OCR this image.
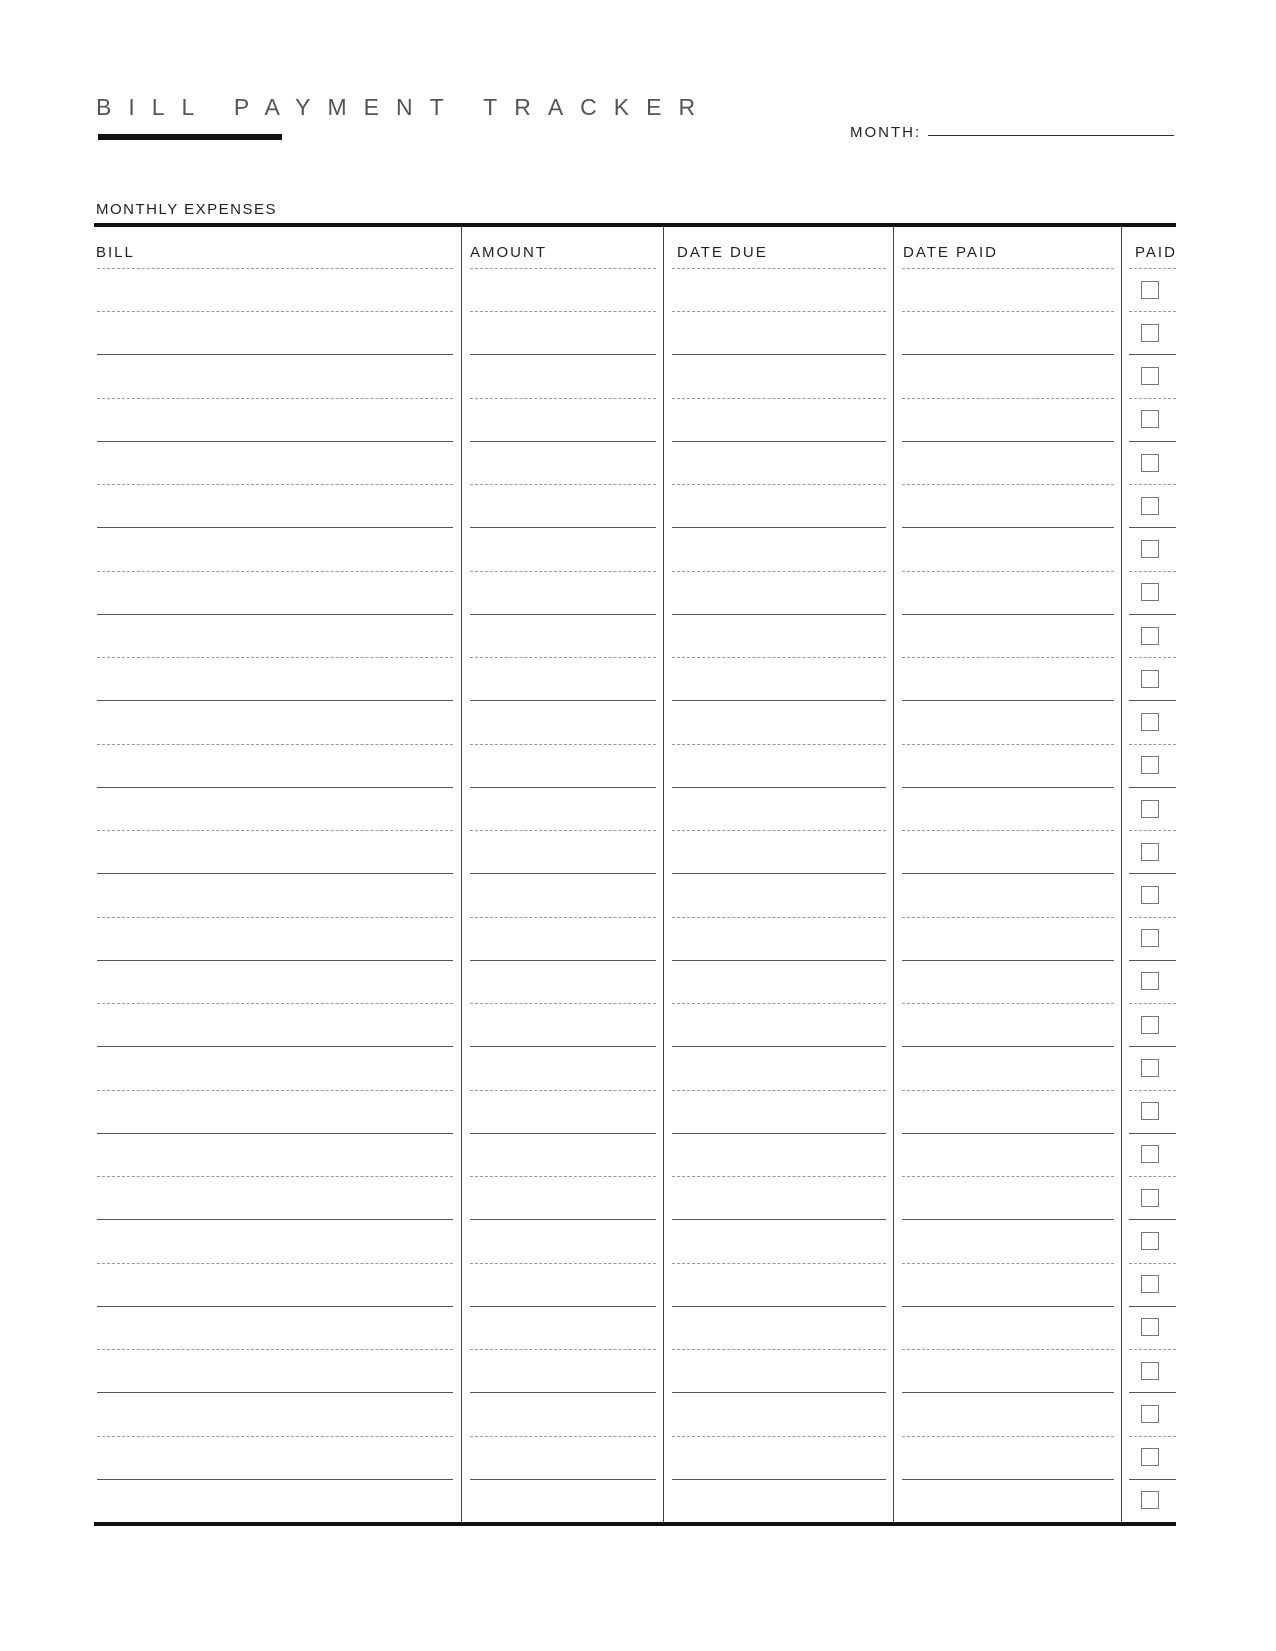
BILL PAYMENT TRACKER
MONTH:
MONTHLY EXPENSES
BILL	AMOUNT	DATE DUE	DATE PAID	PAID
